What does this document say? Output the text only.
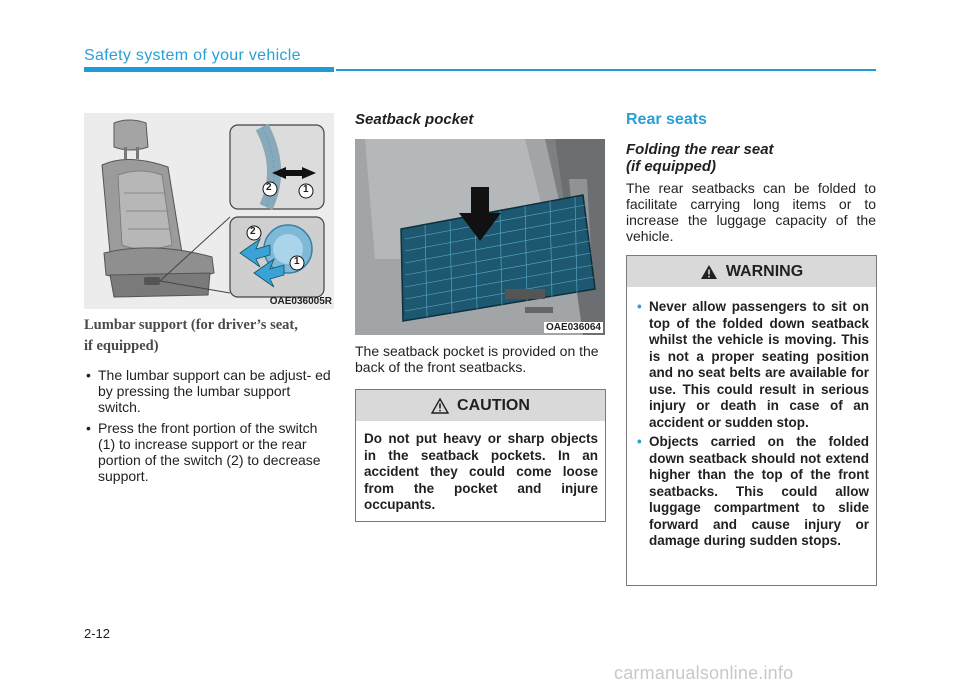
Safety system of your vehicle
2	1
2
1
OAE036005R
Lumbar support (for driver’s seat,
if equipped)
• The lumbar support can be adjust- ed by pressing the lumbar support switch.
• Press the front portion of the switch (1) to increase support or the rear portion of the switch (2) to decrease support.
Seatback pocket
OAE036064
The seatback pocket is provided on the back of the front seatbacks.
CAUTION
Do not put heavy or sharp objects in the seatback pockets. In an accident they could come loose from the pocket and injure occupants.
Rear seats
Folding the rear seat
(if equipped)
The rear seatbacks can be folded to facilitate carrying long items or to increase the luggage capacity of the vehicle.
WARNING
• Never allow passengers to sit on top of the folded down seatback whilst the vehicle is moving. This is not a proper seating position and no seat belts are available for use. This could result in serious injury or death in case of an accident or sudden stop.
• Objects carried on the folded down seatback should not extend higher than the top of the front seatbacks. This could allow luggage compartment to slide forward and cause injury or damage during sudden stops.
2-12
carmanualsonline.info
